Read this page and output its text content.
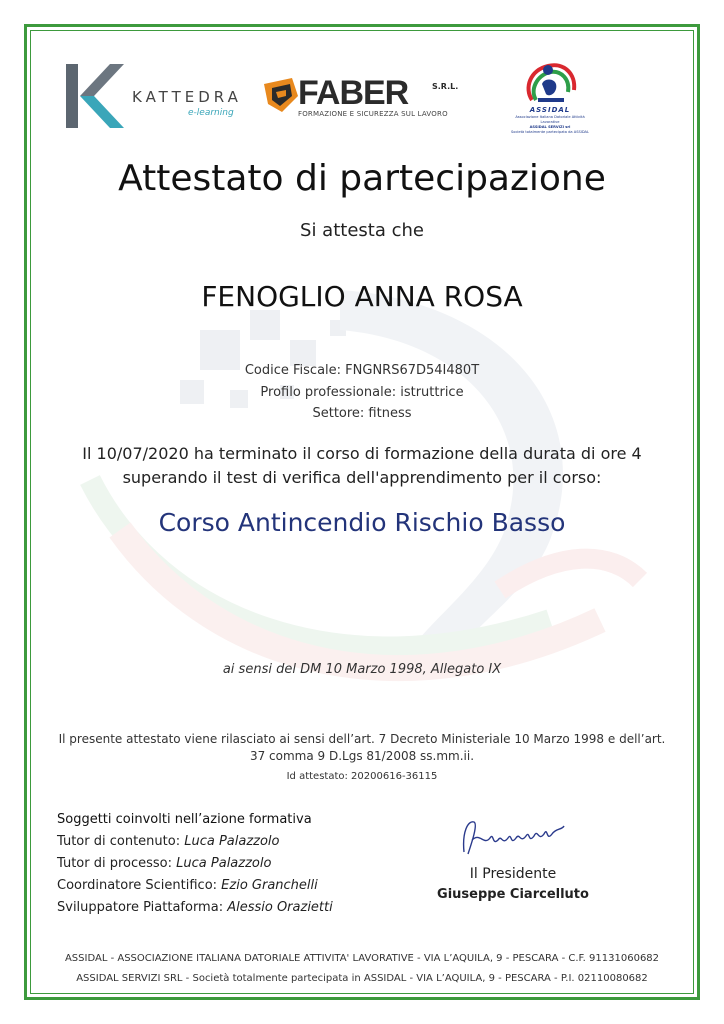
KATTEDRA
e-learning
FABER	S.R.L.
FORMAZIONE E SICUREZZA SUL LAVORO	ASSIDAL
Associazione Italiana Datoriale Attività Lavorative
ASSIDAL SERVIZI srl
Società totalmente partecipata da ASSIDAL
Attestato di partecipazione
Si attesta che
FENOGLIO ANNA ROSA
Codice Fiscale: FNGNRS67D54I480T
Profilo professionale: istruttrice
Settore: fitness
Il 10/07/2020 ha terminato il corso di formazione della durata di ore 4
superando il test di verifica dell'apprendimento per il corso:
Corso Antincendio Rischio Basso
ai sensi del DM 10 Marzo 1998, Allegato IX
Il presente attestato viene rilasciato ai sensi dell’art. 7 Decreto Ministeriale 10 Marzo 1998 e dell’art.
37 comma 9 D.Lgs 81/2008 ss.mm.ii.
Id attestato: 20200616-36115
Soggetti coinvolti nell’azione formativa
Tutor di contenuto: Luca Palazzolo
Tutor di processo: Luca Palazzolo
Coordinatore Scientifico: Ezio Granchelli
Sviluppatore Piattaforma: Alessio Orazietti
Il Presidente
Giuseppe Ciarcelluto
ASSIDAL - ASSOCIAZIONE ITALIANA DATORIALE ATTIVITA' LAVORATIVE - VIA L’AQUILA, 9 - PESCARA - C.F. 91131060682
ASSIDAL SERVIZI SRL - Società totalmente partecipata in ASSIDAL - VIA L’AQUILA, 9 - PESCARA - P.I. 02110080682
